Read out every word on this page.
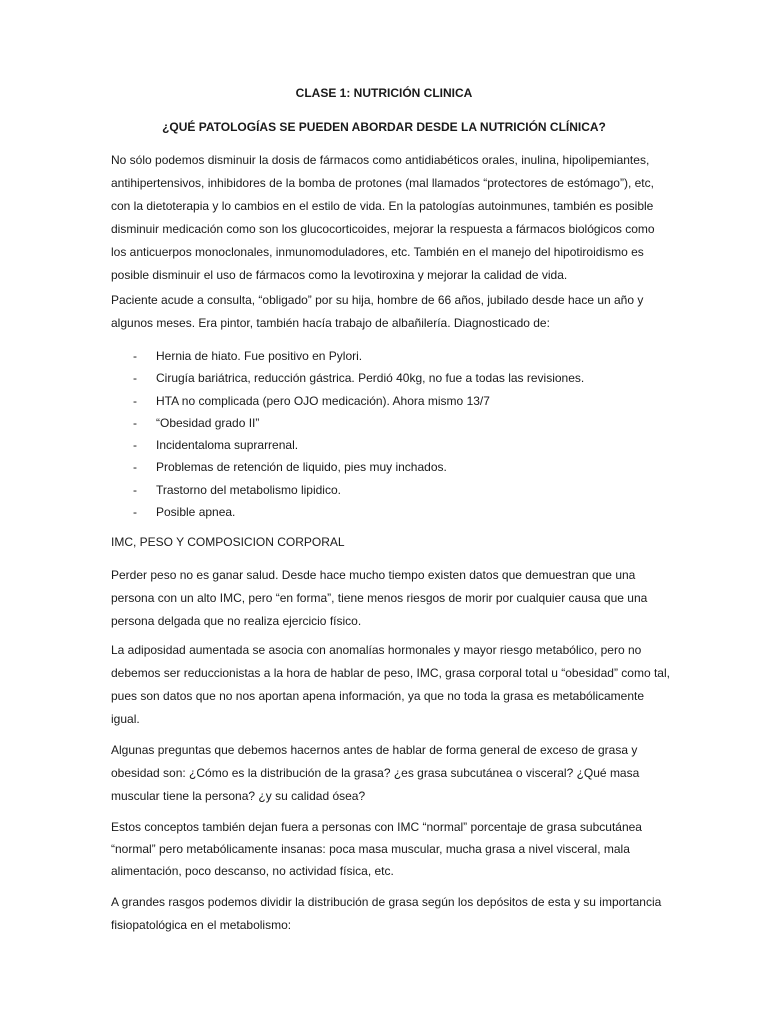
CLASE 1: NUTRICIÓN CLINICA
¿QUÉ PATOLOGÍAS SE PUEDEN ABORDAR DESDE LA NUTRICIÓN CLÍNICA?
No sólo podemos disminuir la dosis de fármacos como antidiabéticos orales, inulina, hipolipemiantes,
antihipertensivos, inhibidores de la bomba de protones (mal llamados “protectores de estómago”), etc,
con la dietoterapia y lo cambios en el estilo de vida. En la patologías autoinmunes, también es posible
disminuir medicación como son los glucocorticoides, mejorar la respuesta a fármacos biológicos como
los anticuerpos monoclonales, inmunomoduladores, etc. También en el manejo del hipotiroidismo es
posible disminuir el uso de fármacos como la levotiroxina y mejorar la calidad de vida.
Paciente acude a consulta, “obligado” por su hija, hombre de 66 años, jubilado desde hace un año y
algunos meses. Era pintor, también hacía trabajo de albañilería. Diagnosticado de:
-	Hernia de hiato. Fue positivo en Pylori.
-	Cirugía bariátrica, reducción gástrica. Perdió 40kg, no fue a todas las revisiones.
-	HTA no complicada (pero OJO medicación). Ahora mismo 13/7
-	“Obesidad grado II”
-	Incidentaloma suprarrenal.
-	Problemas de retención de liquido, pies muy inchados.
-	Trastorno del metabolismo lipidico.
-	Posible apnea.
IMC, PESO Y COMPOSICION CORPORAL
Perder peso no es ganar salud. Desde hace mucho tiempo existen datos que demuestran que una
persona con un alto IMC, pero “en forma”, tiene menos riesgos de morir por cualquier causa que una
persona delgada que no realiza ejercicio físico.
La adiposidad aumentada se asocia con anomalías hormonales y mayor riesgo metabólico, pero no
debemos ser reduccionistas a la hora de hablar de peso, IMC, grasa corporal total u “obesidad” como tal,
pues son datos que no nos aportan apena información, ya que no toda la grasa es metabólicamente
igual.
Algunas preguntas que debemos hacernos antes de hablar de forma general de exceso de grasa y
obesidad son: ¿Cómo es la distribución de la grasa? ¿es grasa subcutánea o visceral? ¿Qué masa
muscular tiene la persona? ¿y su calidad ósea?
Estos conceptos también dejan fuera a personas con IMC “normal” porcentaje de grasa subcutánea
“normal” pero metabólicamente insanas: poca masa muscular, mucha grasa a nivel visceral, mala
alimentación, poco descanso, no actividad física, etc.
A grandes rasgos podemos dividir la distribución de grasa según los depósitos de esta y su importancia
fisiopatológica en el metabolismo:
